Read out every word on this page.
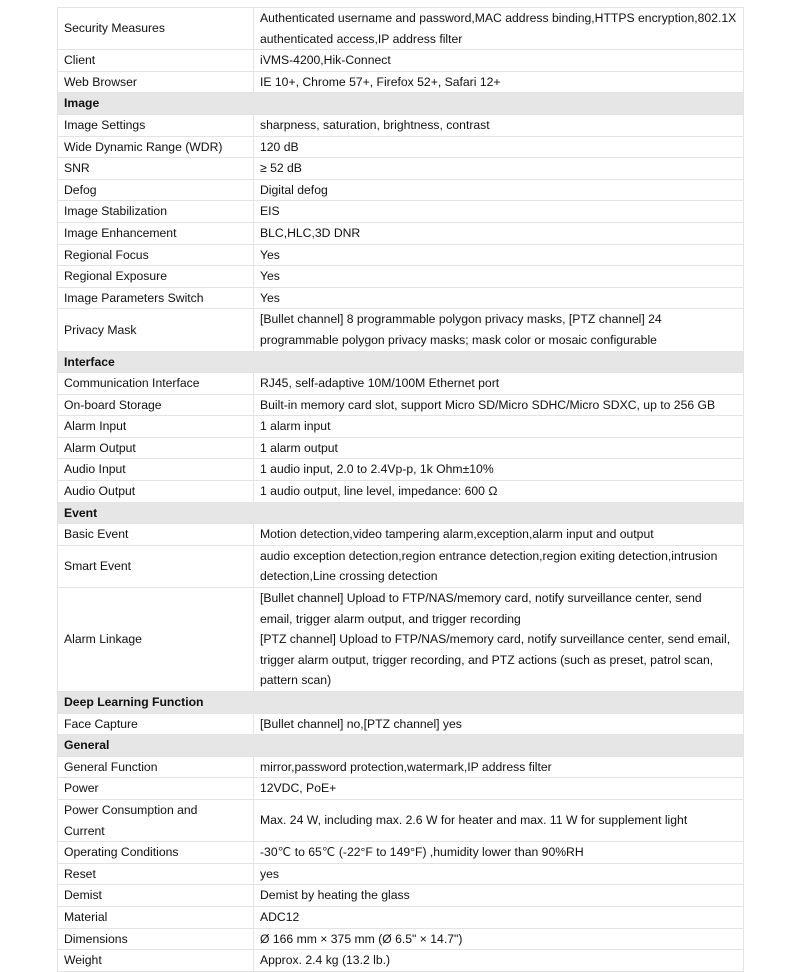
Security Measures	Authenticated username and password,MAC address binding,HTTPS encryption,802.1X
authenticated access,IP address filter

Client	iVMS-4200,Hik-Connect

Web Browser	IE 10+, Chrome 57+, Firefox 52+, Safari 12+

Image	
Image Settings	sharpness, saturation, brightness, contrast

Wide Dynamic Range (WDR)	120 dB

SNR	≥ 52 dB

Defog	Digital defog

Image Stabilization	EIS

Image Enhancement	BLC,HLC,3D DNR

Regional Focus	Yes

Regional Exposure	Yes

Image Parameters Switch	Yes

Privacy Mask	[Bullet channel] 8 programmable polygon privacy masks, [PTZ channel] 24
programmable polygon privacy masks; mask color or mosaic configurable

Interface	
Communication Interface	RJ45, self-adaptive 10M/100M Ethernet port

On-board Storage	Built-in memory card slot, support Micro SD/Micro SDHC/Micro SDXC, up to 256 GB

Alarm Input	1 alarm input

Alarm Output	1 alarm output

Audio Input	1 audio input, 2.0 to 2.4Vp-p, 1k Ohm±10%

Audio Output	1 audio output, line level, impedance: 600 Ω

Event	
Basic Event	Motion detection,video tampering alarm,exception,alarm input and output

Smart Event	audio exception detection,region entrance detection,region exiting detection,intrusion
detection,Line crossing detection

Alarm Linkage	[Bullet channel] Upload to FTP/NAS/memory card, notify surveillance center, send
email, trigger alarm output, and trigger recording
[PTZ channel] Upload to FTP/NAS/memory card, notify surveillance center, send email,
trigger alarm output, trigger recording, and PTZ actions (such as preset, patrol scan,
pattern scan)

Deep Learning Function	
Face Capture	[Bullet channel] no,[PTZ channel] yes

General	
General Function	mirror,password protection,watermark,IP address filter

Power	12VDC, PoE+

Power Consumption and
Current	Max. 24 W, including max. 2.6 W for heater and max. 11 W for supplement light

Operating Conditions	-30℃ to 65℃ (-22°F to 149°F) ,humidity lower than 90%RH

Reset	yes

Demist	Demist by heating the glass

Material	ADC12

Dimensions	Ø 166 mm × 375 mm (Ø 6.5" × 14.7")

Weight	Approx. 2.4 kg (13.2 lb.)
